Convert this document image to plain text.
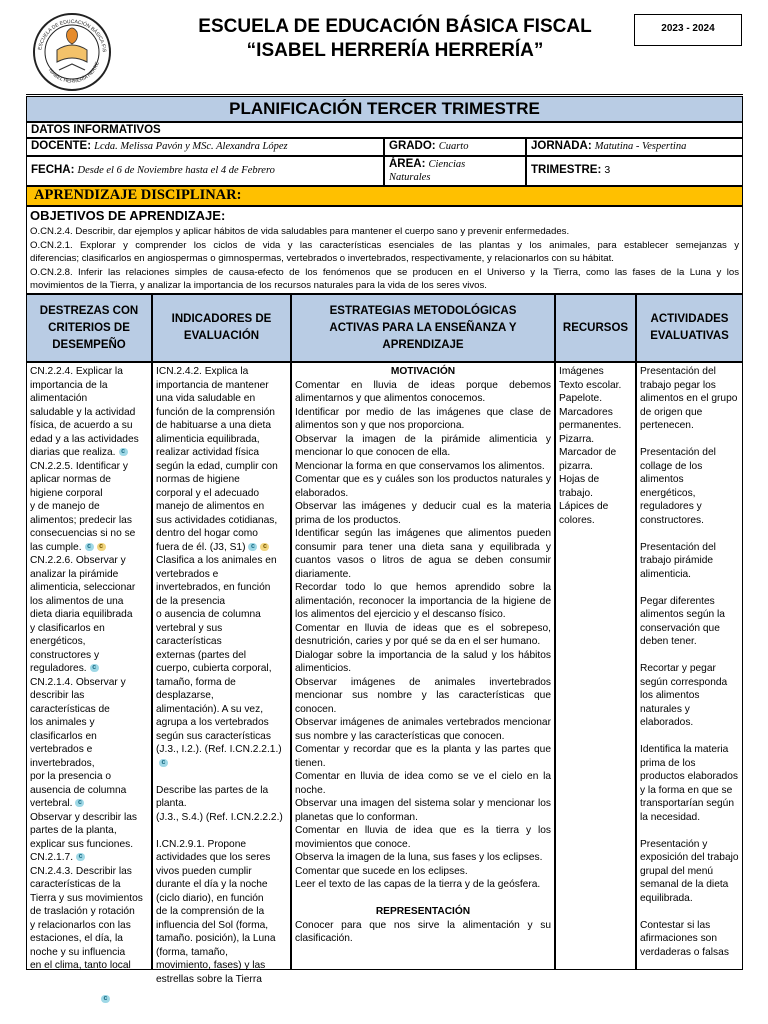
ESCUELA DE EDUCACIÓN BÁSICA FIS
ISABEL HERRERÍA HERRE
ESCUELA DE EDUCACIÓN BÁSICA FISCAL
“ISABEL HERRERÍA HERRERÍA”
2023 - 2024
PLANIFICACIÓN TERCER TRIMESTRE
DATOS INFORMATIVOS
DOCENTE: Lcda. Melissa Pavón y MSc. Alexandra López	GRADO: Cuarto	JORNADA: Matutina - Vespertina
FECHA: Desde el 6 de Noviembre hasta el 4 de Febrero
ÁREA: Ciencias
Naturales
TRIMESTRE: 3
APRENDIZAJE DISCIPLINAR:
OBJETIVOS DE APRENDIZAJE:
O.CN.2.4. Describir, dar ejemplos y aplicar hábitos de vida saludables para mantener el cuerpo sano y prevenir enfermedades.
O.CN.2.1. Explorar y comprender los ciclos de vida y las características esenciales de las plantas y los animales, para establecer semejanzas y
diferencias; clasificarlos en angiospermas o gimnospermas, vertebrados o invertebrados, respectivamente, y relacionarlos con su hábitat.
O.CN.2.8. Inferir las relaciones simples de causa-efecto de los fenómenos que se producen en el Universo y la Tierra, como las fases de la Luna y los
movimientos de la Tierra, y analizar la importancia de los recursos naturales para la vida de los seres vivos.
DESTREZAS CON
CRITERIOS DE
DESEMPEÑO
INDICADORES DE
EVALUACIÓN
ESTRATEGIAS METODOLÓGICAS
ACTIVAS PARA LA ENSEÑANZA Y
APRENDIZAJE
RECURSOS
ACTIVIDADES
EVALUATIVAS

CN.2.2.4. Explicar la

importancia de la

alimentación

saludable y la actividad

física, de acuerdo a su

edad y a las actividades

diarias que realiza. c

CN.2.2.5. Identificar y

aplicar normas de

higiene corporal

y de manejo de

alimentos; predecir las

consecuencias si no se

las cumple. c c

CN.2.2.6. Observar y

analizar la pirámide

alimenticia, seleccionar

los alimentos de una

dieta diaria equilibrada

y clasificarlos en

energéticos,

constructores y

reguladores. c

CN.2.1.4. Observar y

describir las

características de

los animales y

clasificarlos en

vertebrados e

invertebrados,

por la presencia o

ausencia de columna

vertebral. c

Observar y describir las

partes de la planta,

explicar sus funciones.

CN.2.1.7. c

CN.2.4.3. Describir las

características de la

Tierra y sus movimientos

de traslación y rotación

y relacionarlos con las

estaciones, el día, la

noche y su influencia

en el clima, tanto local

ICN.2.4.2. Explica la

importancia de mantener

una vida saludable en

función de la comprensión

de habituarse a una dieta

alimenticia equilibrada,

realizar actividad física

según la edad, cumplir con

normas de higiene

corporal y el adecuado

manejo de alimentos en

sus actividades cotidianas,

dentro del hogar como

fuera de él. (J3, S1) c c

Clasifica a los animales en

vertebrados e

invertebrados, en función

de la presencia

o ausencia de columna

vertebral y sus

características

externas (partes del

cuerpo, cubierta corporal,

tamaño, forma de

desplazarse,

alimentación). A su vez,

agrupa a los vertebrados

según sus características

(J.3., I.2.). (Ref. I.CN.2.2.1.)c

Describe las partes de la

planta.

(J.3., S.4.) (Ref. I.CN.2.2.2.)

I.CN.2.9.1. Propone

actividades que los seres

vivos pueden cumplir

durante el día y la noche

(ciclo diario), en función

de la comprensión de la

influencia del Sol (forma,

tamaño. posición), la Luna

(forma, tamaño,

movimiento, fases) y las

estrellas sobre la Tierra

MOTIVACIÓN

Comentar en lluvia de ideas porque debemos alimentarnos y que alimentos conocemos.

Identificar por medio de las imágenes que clase de alimentos son y que nos proporciona.

Observar la imagen de la pirámide alimenticia y mencionar lo que conocen de ella.

Mencionar la forma en que conservamos los alimentos.

Comentar que es y cuáles son los productos naturales y elaborados.

Observar las imágenes y deducir cual es la materia prima de los productos.

Identificar según las imágenes que alimentos pueden consumir para tener una dieta sana y equilibrada y cuantos vasos o litros de agua se deben consumir diariamente.

Recordar todo lo que hemos aprendido sobre la alimentación, reconocer la importancia de la higiene de los alimentos del ejercicio y el descanso físico.

Comentar en lluvia de ideas que es el sobrepeso, desnutrición, caries y por qué se da en el ser humano.

Dialogar sobre la importancia de la salud y los hábitos alimenticios.

Observar imágenes de animales invertebrados mencionar sus nombre y las características que conocen.

Observar imágenes de animales vertebrados mencionar sus nombre y las características que conocen.

Comentar y recordar que es la planta y las partes que tienen.

Comentar en lluvia de idea como se ve el cielo en la noche.

Observar una imagen del sistema solar y mencionar los planetas que lo conforman.

Comentar en lluvia de idea que es la tierra y los movimientos que conoce.

Observa la imagen de la luna, sus fases y los eclipses.

Comentar que sucede en los eclipses.

Leer el texto de las capas de la tierra y de la geósfera.

REPRESENTACIÓN

Conocer para que nos sirve la alimentación y su clasificación.

Imágenes

Texto escolar.

Papelote.

Marcadores

permanentes.

Pizarra.

Marcador de

pizarra.

Hojas de

trabajo.

Lápices de colores.

Presentación del trabajo pegar los alimentos en el grupo de origen que pertenecen.

Presentación del collage de los alimentos energéticos, reguladores y constructores.

Presentación del trabajo pirámide alimenticia.

Pegar diferentes alimentos según la conservación que deben tener.

Recortar y pegar según corresponda los alimentos naturales y elaborados.

Identifica la materia prima de los productos elaborados y la forma en que se transportarían según la necesidad.

Presentación y exposición del trabajo grupal del menú semanal de la dieta equilibrada.

Contestar si las afirmaciones son verdaderas o falsas

c
